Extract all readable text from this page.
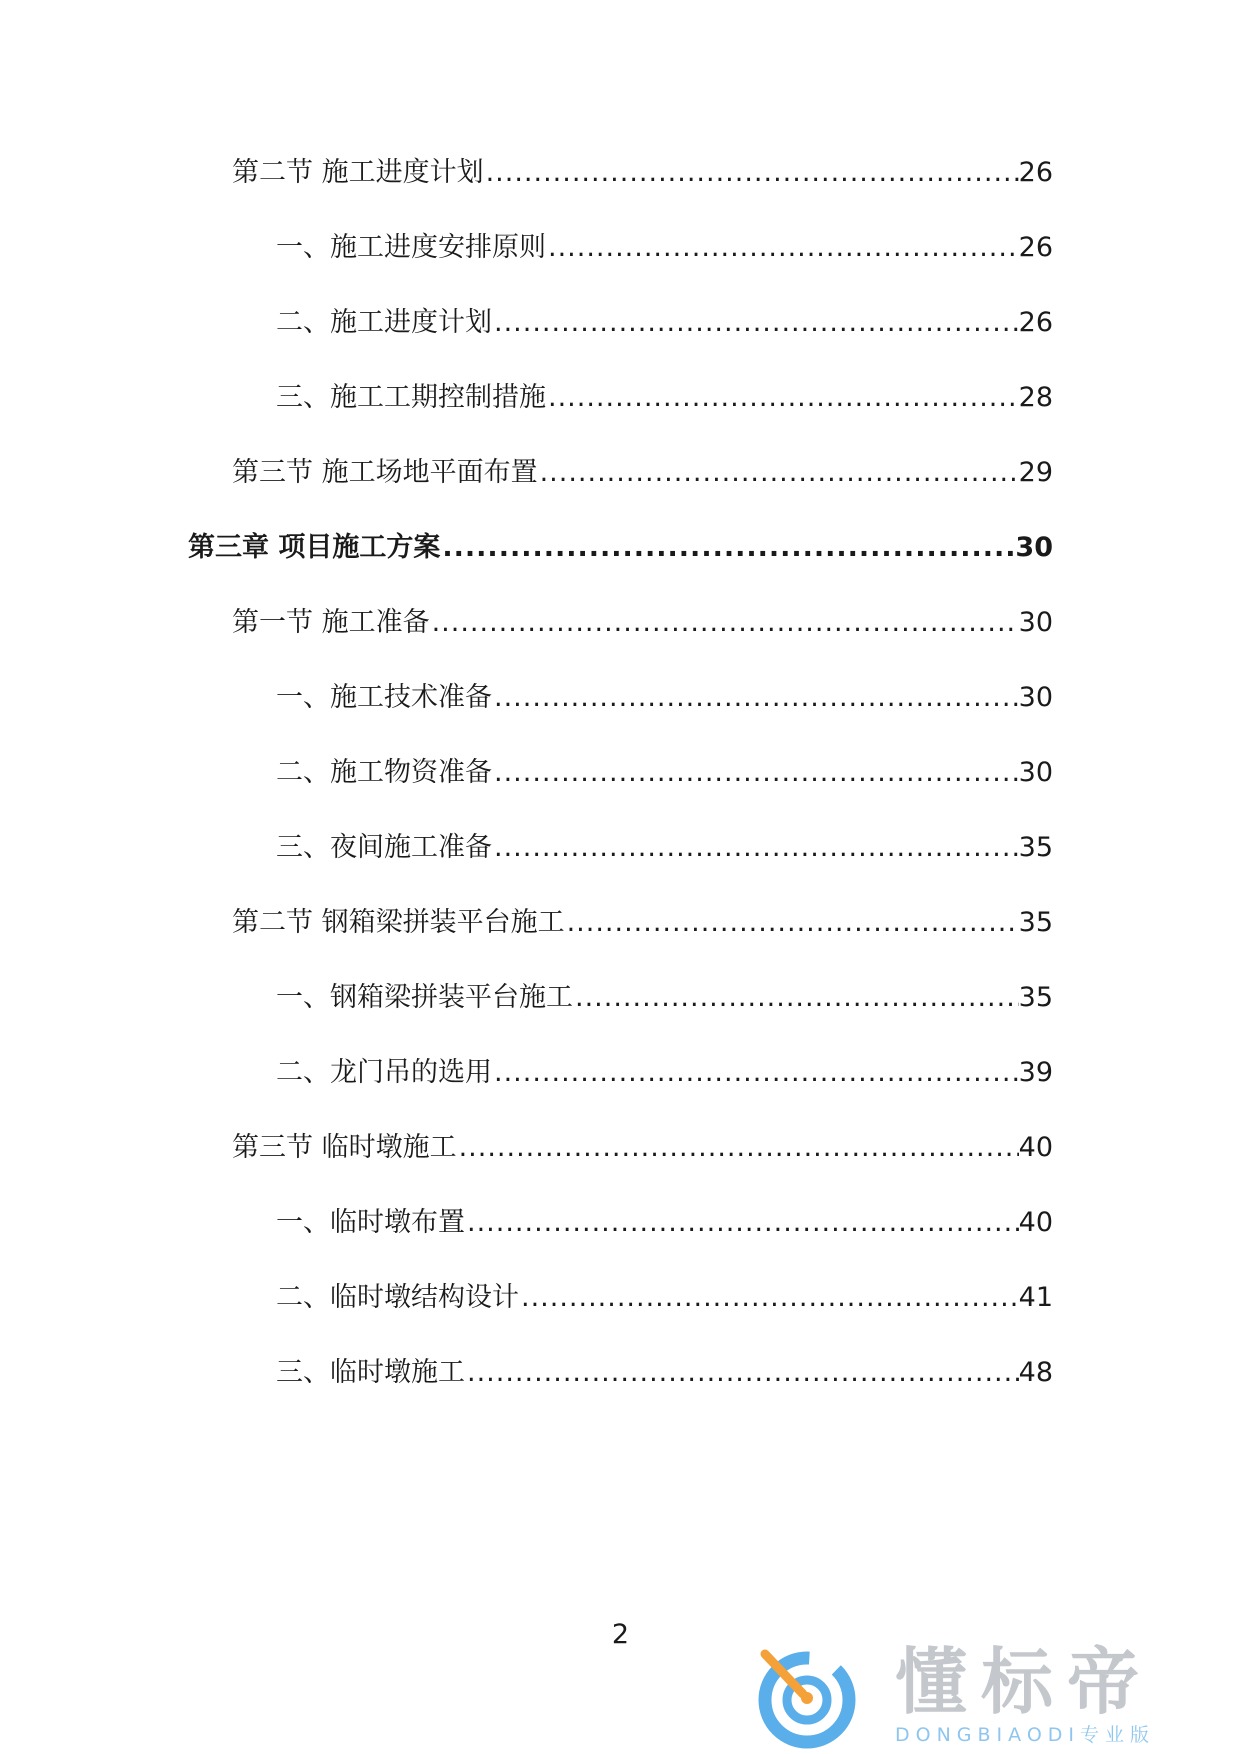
第二节 施工进度计划 .....	26
一、施工进度安排原则 .....	26
二、施工进度计划 .....	26
三、施工工期控制措施 .....	28
第三节 施工场地平面布置 .....	29
第三章 项目施工方案 .....	30
第一节 施工准备 .....	30
一、施工技术准备 .....	30
二、施工物资准备 .....	30
三、夜间施工准备 .....	35
第二节 钢箱梁拼装平台施工 .....	35
一、钢箱梁拼装平台施工 .....	35
二、龙门吊的选用 .....	39
第三节 临时墩施工 .....	40
一、临时墩布置 .....	40
二、临时墩结构设计 .....	41
三、临时墩施工 .....	48
2
懂标帝
DONGBIAODI专业版
